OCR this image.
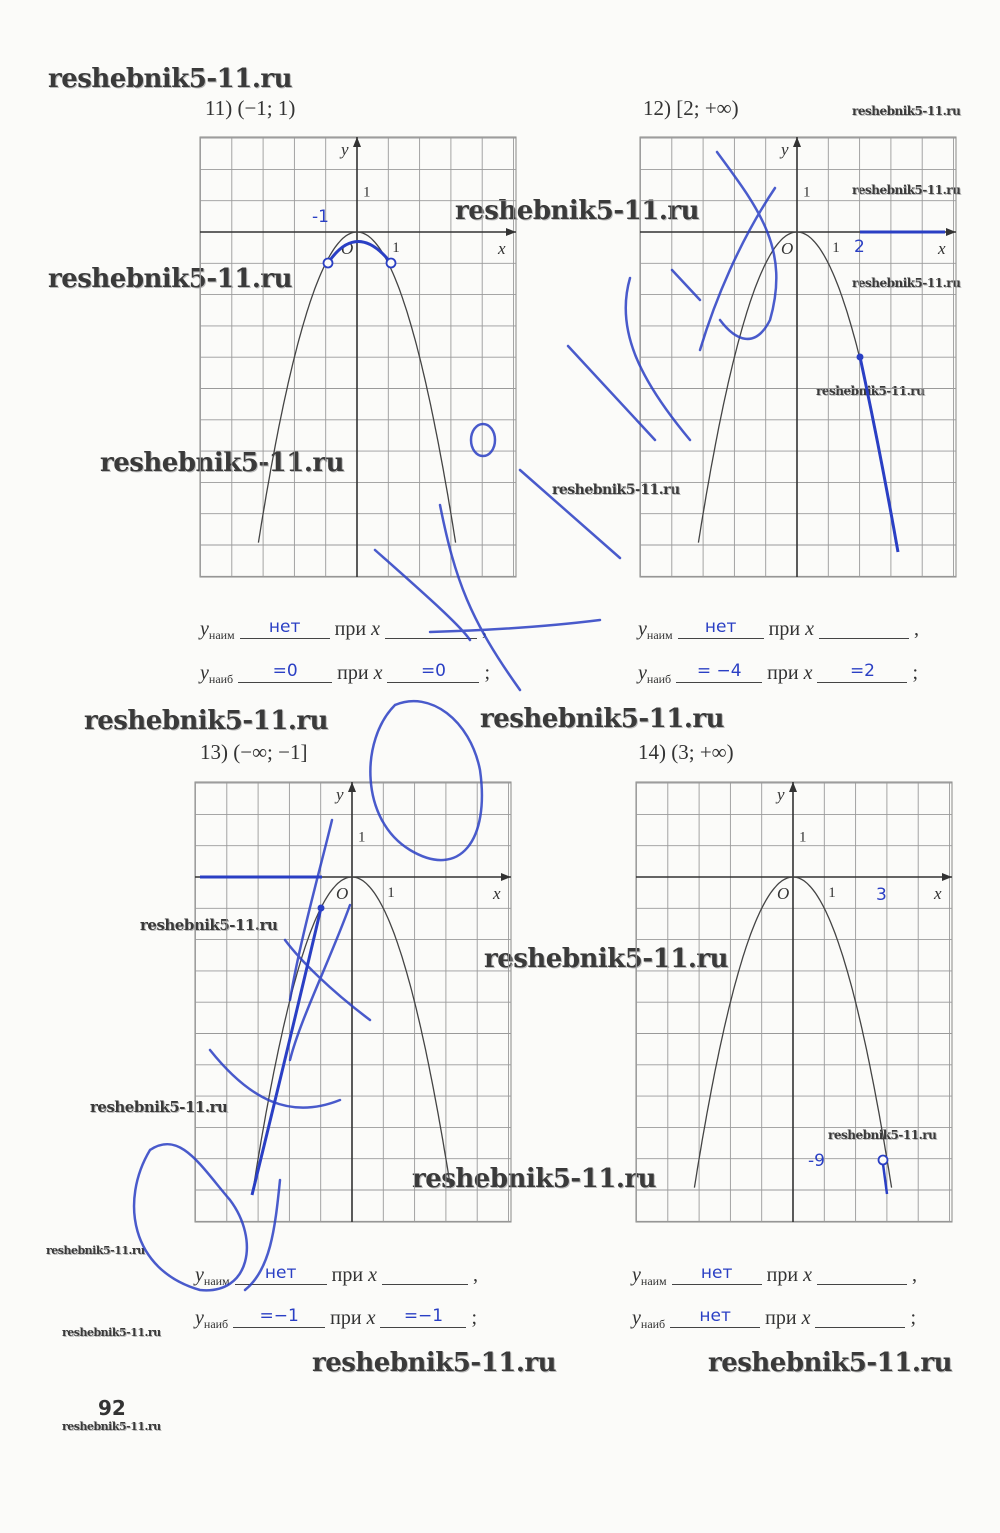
reshebnik5-11.ru
reshebnik5-11.ru
reshebnik5-11.ru
reshebnik5-11.ru
reshebnik5-11.ru	reshebnik5-11.ru
reshebnik5-11.ru
reshebnik5-11.ru
reshebnik5-11.ru
reshebnik5-11.ru	reshebnik5-11.ru
reshebnik5-11.ru
reshebnik5-11.ru
reshebnik5-11.ru
reshebnik5-11.ru
reshebnik5-11.ru
reshebnik5-11.ru
reshebnik5-11.ru
reshebnik5-11.ru	reshebnik5-11.ru
reshebnik5-11.ru
92
11) (−1; 1)	12) [2; +∞)
13) (−∞; −1]	14) (3; +∞)
y
x
O
1
1
-1
y
x
O
1
1 2
y
x
O
1
1
y
x
O
1
1 3
-9
$y_{наим}$	нет	при x	,
$y_{наиб}$	=0	при x	=0	;
$y_{наим}$	нет	при x	,
$y_{наиб}$	= −4	при x	=2	;
$y_{наим}$	нет	при x	,
$y_{наиб}$	=−1	при x	=−1	;
$y_{наим}$	нет	при x	,
$y_{наиб}$	нет	при x	;
